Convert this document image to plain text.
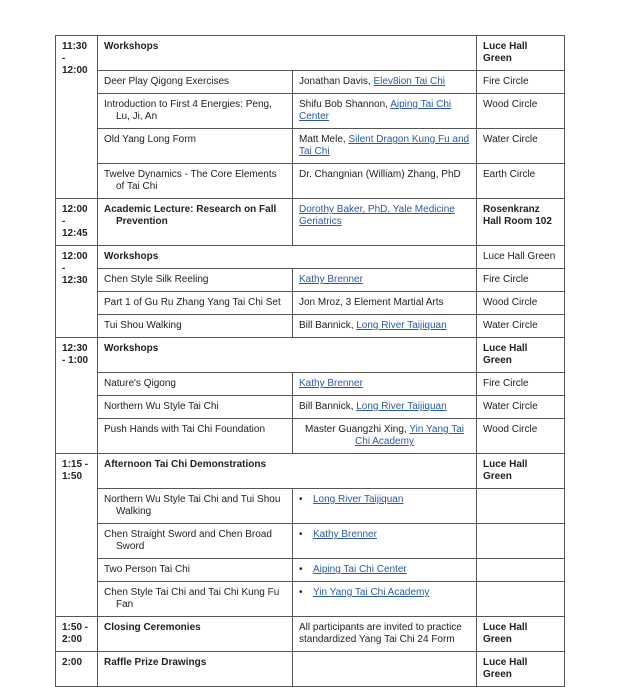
11:30 - 12:00	Workshops		Luce Hall Green
	Deer Play Qigong Exercises	Jonathan Davis, Elev8ion Tai Chi	Fire Circle

	Introduction to First 4 Energies: Peng, Lu, Ji, An	Shifu Bob Shannon, Aiping Tai Chi Center	Wood Circle
	Old Yang Long Form	Matt Mele, Silent Dragon Kung Fu and Tai Chi	Water Circle

	Twelve Dynamics - The Core Elements of Tai Chi	Dr. Changnian (William) Zhang, PhD	Earth Circle
12:00 - 12:45	Academic Lecture: Research on Fall Prevention	Dorothy Baker, PhD, Yale Medicine Geriatrics	Rosenkranz Hall Room 102
12:00 - 12:30	Workshops		Luce Hall Green
	Chen Style Silk Reeling	Kathy Brenner	Fire Circle
	Part 1 of Gu Ru Zhang Yang Tai Chi Set	Jon Mroz, 3 Element Martial Arts	Wood Circle
	Tui Shou Walking	Bill Bannick, Long River Taijiquan	Water Circle
12:30 - 1:00	Workshops		Luce Hall Green
	Nature's Qigong	Kathy Brenner	Fire Circle
	Northern Wu Style Tai Chi	Bill Bannick, Long River Taijiquan	Water Circle
	Push Hands with Tai Chi Foundation	Master Guangzhi Xing, Yin Yang Tai Chi Academy	Wood Circle
1:15 - 1:50	Afternoon Tai Chi Demonstrations		Luce Hall Green

	Northern Wu Style Tai Chi and Tui Shou Walking	• Long River Taijiquan	

	Chen Straight Sword and Chen Broad Sword	• Kathy Brenner	
	Two Person Tai Chi	• Aiping Tai Chi Center	

	Chen Style Tai Chi and Tai Chi Kung Fu Fan	• Yin Yang Tai Chi Academy	
1:50 - 2:00	Closing Ceremonies	All participants are invited to practice standardized Yang Tai Chi 24 Form	Luce Hall Green
2:00	Raffle Prize Drawings		Luce Hall Green
